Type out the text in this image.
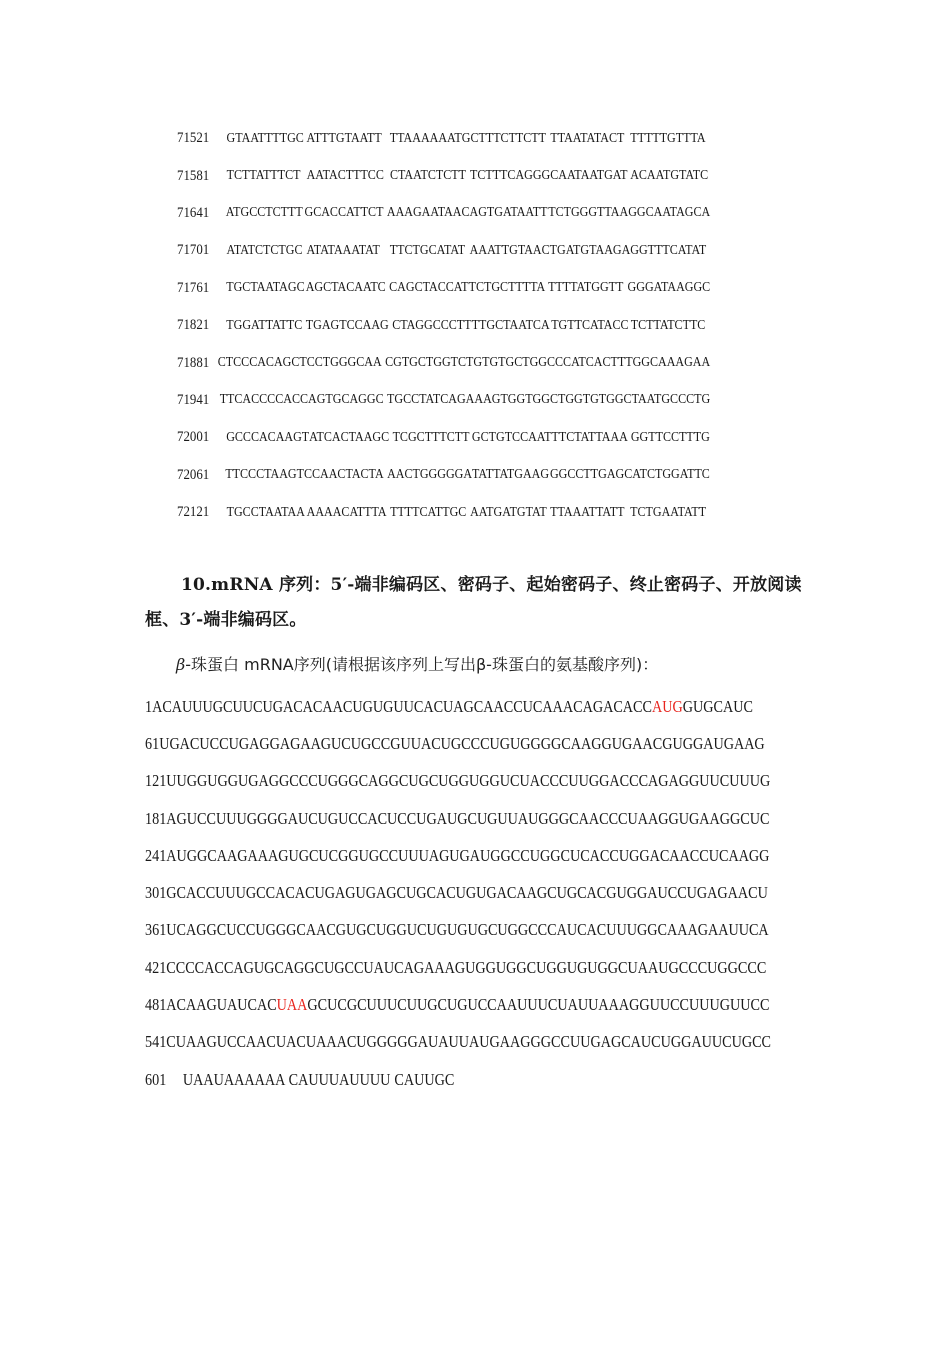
71521	GTAATTTTGC ATTTGTAATT TTAAAAAATG CTTTCTTCTT TTAATATACT TTTTTGTTTA
71581	TCTTATTTCT AATACTTTCC CTAATCTCTT TCTTTCAGGG CAATAATGAT ACAATGTATC
71641	ATGCCTCTTT GCACCATTCT AAAGAATAAC AGTGATAATT TCTGGGTTAA GGCAATAGCA
71701	ATATCTCTGC ATATAAATAT TTCTGCATAT AAATTGTAAC TGATGTAAGA GGTTTCATAT
71761	TGCTAATAGC AGCTACAATC CAGCTACCAT TCTGCTTTTA TTTTATGGTT GGGATAAGGC
71821	TGGATTATTC TGAGTCCAAG CTAGGCCCTT TTGCTAATCA TGTTCATACC TCTTATCTTC
71881 CTCCCACAGC TCCTGGGCAA CGTGCTGGTC TGTGTGCTGG CCCATCACTT TGGCAAAGAA
71941 TTCACCCCAC CAGTGCAGGC TGCCTATCAG AAAGTGGTGG CTGGTGTGGC TAATGCCCTG
72001	GCCCACAAGT ATCACTAAGC TCGCTTTCTT GCTGTCCAAT TTCTATTAAA GGTTCCTTTG
72061	TTCCCTAAGT CCAACTACTA AACTGGGGGA TATTATGAAG GGCCTTGAGC ATCTGGATTC
72121	TGCCTAATAA AAAACATTTA TTTTCATTGC AATGATGTAT TTAAATTATT TCTGAATATT
10.mRNA 序列：5′-端非编码区、密码子、起始密码子、终止密码子、开放阅读框、3′-端非编码区。
β-珠蛋白 mRNA序列(请根据该序列上写出β-珠蛋白的氨基酸序列)：
1 ACAUUUGCUU CUGACACAAC UGUGUUCACU AGCAACCUCA AACAGACACC AUGGUGCAUC
61 UGACUCCUGA GGAGAAGUCU GCCGUUACUG CCCUGUGGGG CAAGGUGAAC GUGGAUGAAG
121 UUGGUGGUGA GGCCCUGGGC AGGCUGCUGG UGGUCUACCC UUGGACCCAG AGGUUCUUUG
181 AGUCCUUUGG GGAUCUGUCC ACUCCUGAUG CUGUUAUGGG CAACCCUAAG GUGAAGGCUC
241 AUGGCAAGAA AGUGCUCGGU GCCUUUAGUG AUGGCCUGGC UCACCUGGAC AACCUCAAGG
301 GCACCUUUGC CACACUGAGU GAGCUGCACU GUGACAAGCU GCACGUGGAU CCUGAGAACU
361 UCAGGCUCCU GGGCAACGUG CUGGUCUGUG UGCUGGCCCA UCACUUUGGC AAAGAAUUCA
421 CCCCACCAGU GCAGGCUGCC UAUCAGAAAG UGGUGGCUGG UGUGGCUAAU GCCCUGGCCC
481 ACAAGUAUCA CUAAGCUCGC UUUCUUGCUG UCCAAUUUCU AUUAAAGGUU CCUUUGUUCC
541 CUAAGUCCAA CUACUAAACU GGGGGAUAUU AUGAAGGGCC UUGAGCAUCU GGAUUCUGCC
601	UAAUAAAAAA CAUUUAUUUU CAUUGC
